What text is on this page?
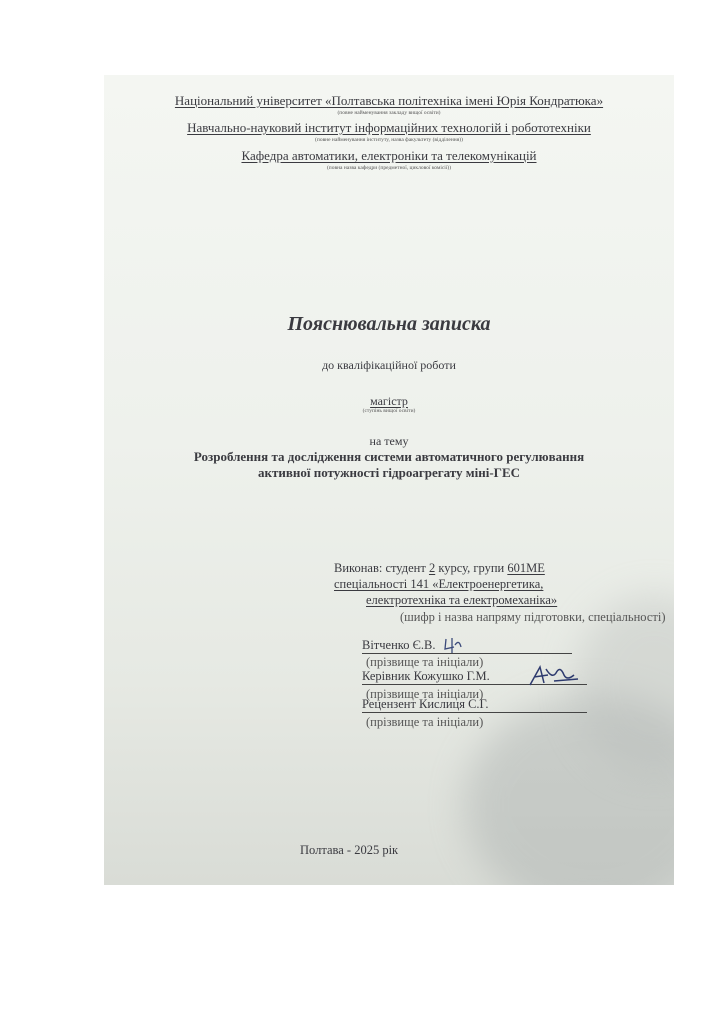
Національний університет «Полтавська політехніка імені Юрія Кондратюка»
(повне найменування закладу вищої освіти)
Навчально-науковий інститут інформаційних технологій і робототехніки
(повне найменування інституту, назва факультету (відділення))
Кафедра автоматики, електроніки та телекомунікацій
(повна назва кафедри (предметної, циклової комісії))
Пояснювальна записка
до кваліфікаційної роботи
магістр
(ступінь вищої освіти)
на тему
Розроблення та дослідження системи автоматичного регулювання
активної потужності гідроагрегату міні-ГЕС
Виконав: студент 2 курсу, групи 601МЕ
спеціальності 141 «Електроенергетика,
електротехніка та електромеханіка»
(шифр і назва напряму підготовки, спеціальності)
Вітченко Є.В.
(прізвище та ініціали)
Керівник Кожушко Г.М.
(прізвище та ініціали)
Рецензент Кислиця С.Г.
(прізвище та ініціали)
Полтава - 2025 рік
